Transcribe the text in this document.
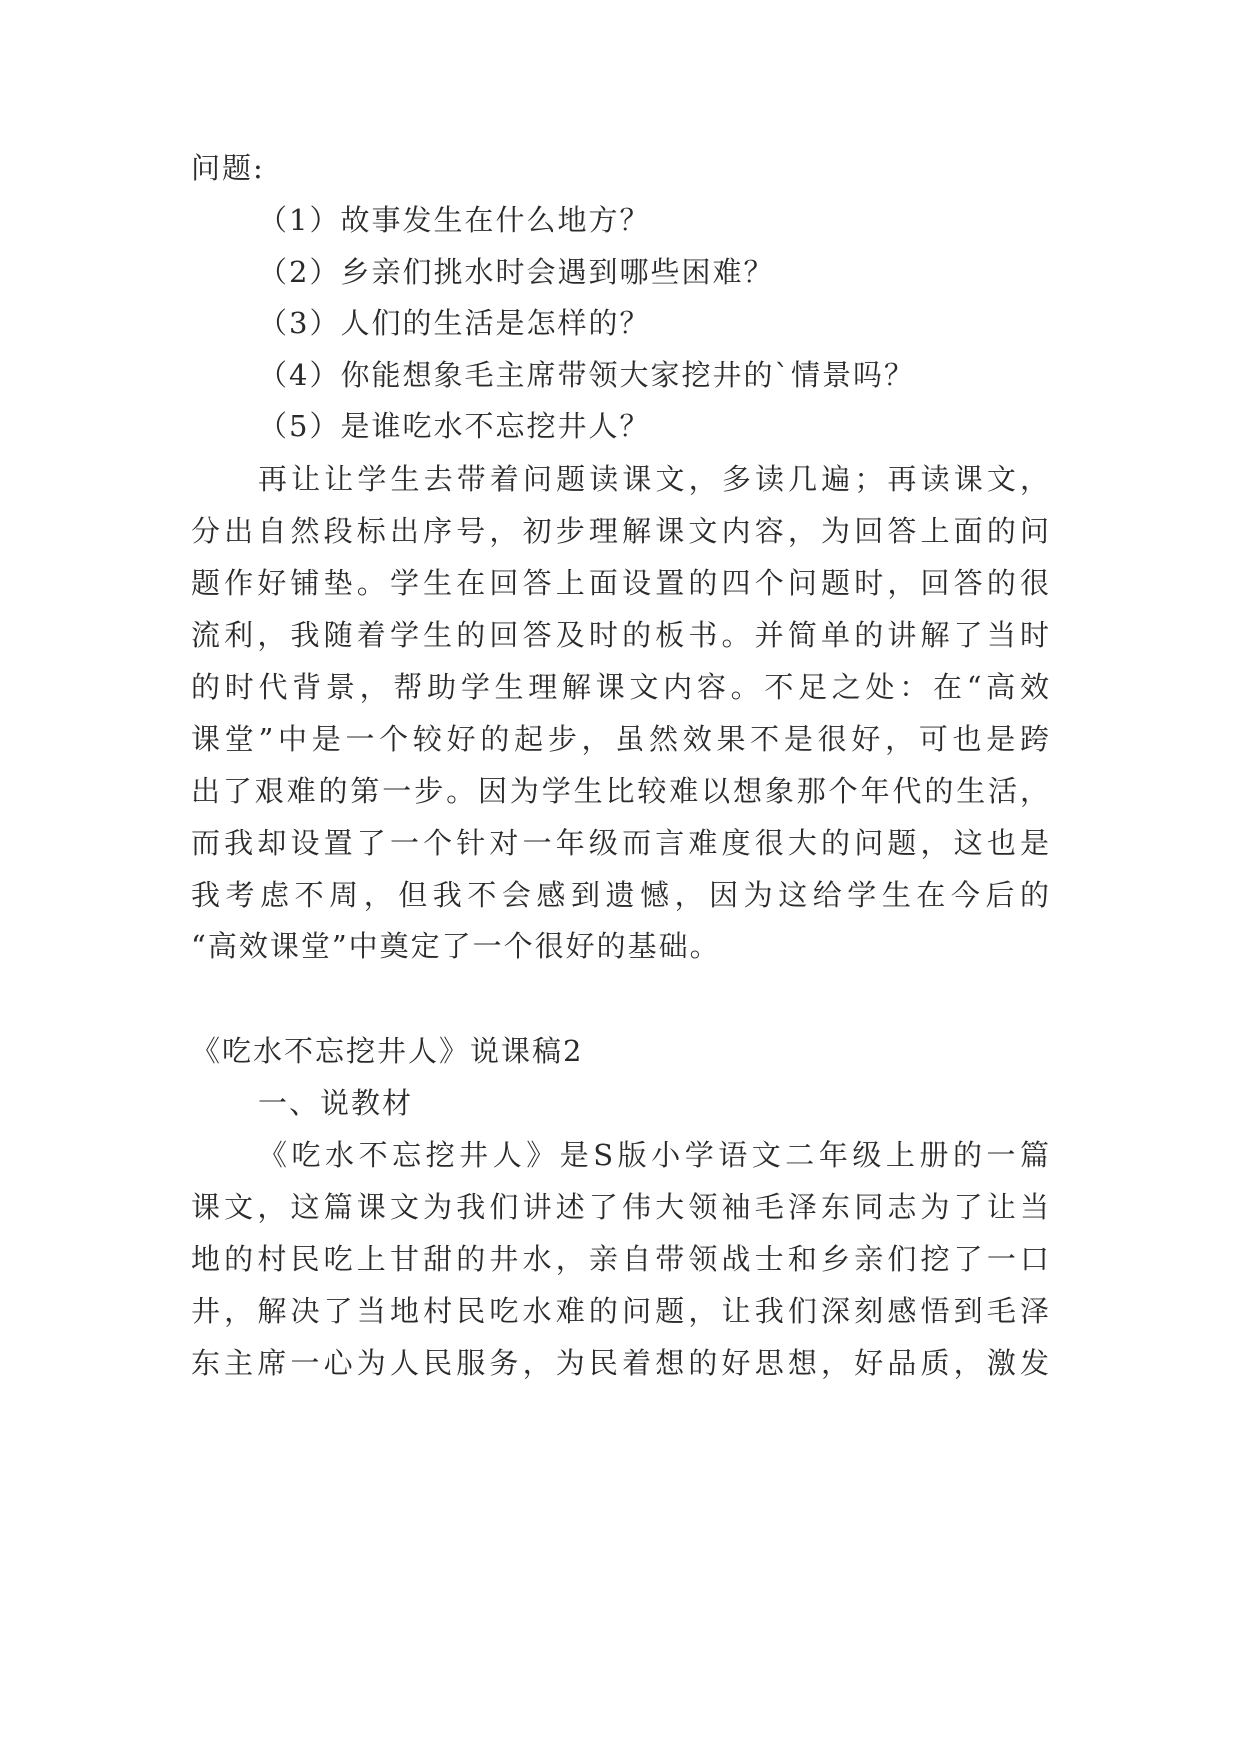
问题:

（1）故事发生在什么地方？

（2）乡亲们挑水时会遇到哪些困难？

（3）人们的生活是怎样的？

（4）你能想象毛主席带领大家挖井的`情景吗？

（5）是谁吃水不忘挖井人？

再让让学生去带着问题读课文，多读几遍；再读课文，

分出自然段标出序号，初步理解课文内容，为回答上面的问

题作好铺垫。学生在回答上面设置的四个问题时，回答的很

流利，我随着学生的回答及时的板书。并简单的讲解了当时

的时代背景，帮助学生理解课文内容。不足之处：在“高效

课堂”中是一个较好的起步，虽然效果不是很好，可也是跨

出了艰难的第一步。因为学生比较难以想象那个年代的生活，

而我却设置了一个针对一年级而言难度很大的问题，这也是

我考虑不周，但我不会感到遗憾，因为这给学生在今后的

“高效课堂”中奠定了一个很好的基础。

《吃水不忘挖井人》说课稿2

一、说教材

《吃水不忘挖井人》是S版小学语文二年级上册的一篇

课文，这篇课文为我们讲述了伟大领袖毛泽东同志为了让当

地的村民吃上甘甜的井水，亲自带领战士和乡亲们挖了一口

井，解决了当地村民吃水难的问题，让我们深刻感悟到毛泽

东主席一心为人民服务，为民着想的好思想，好品质，激发
